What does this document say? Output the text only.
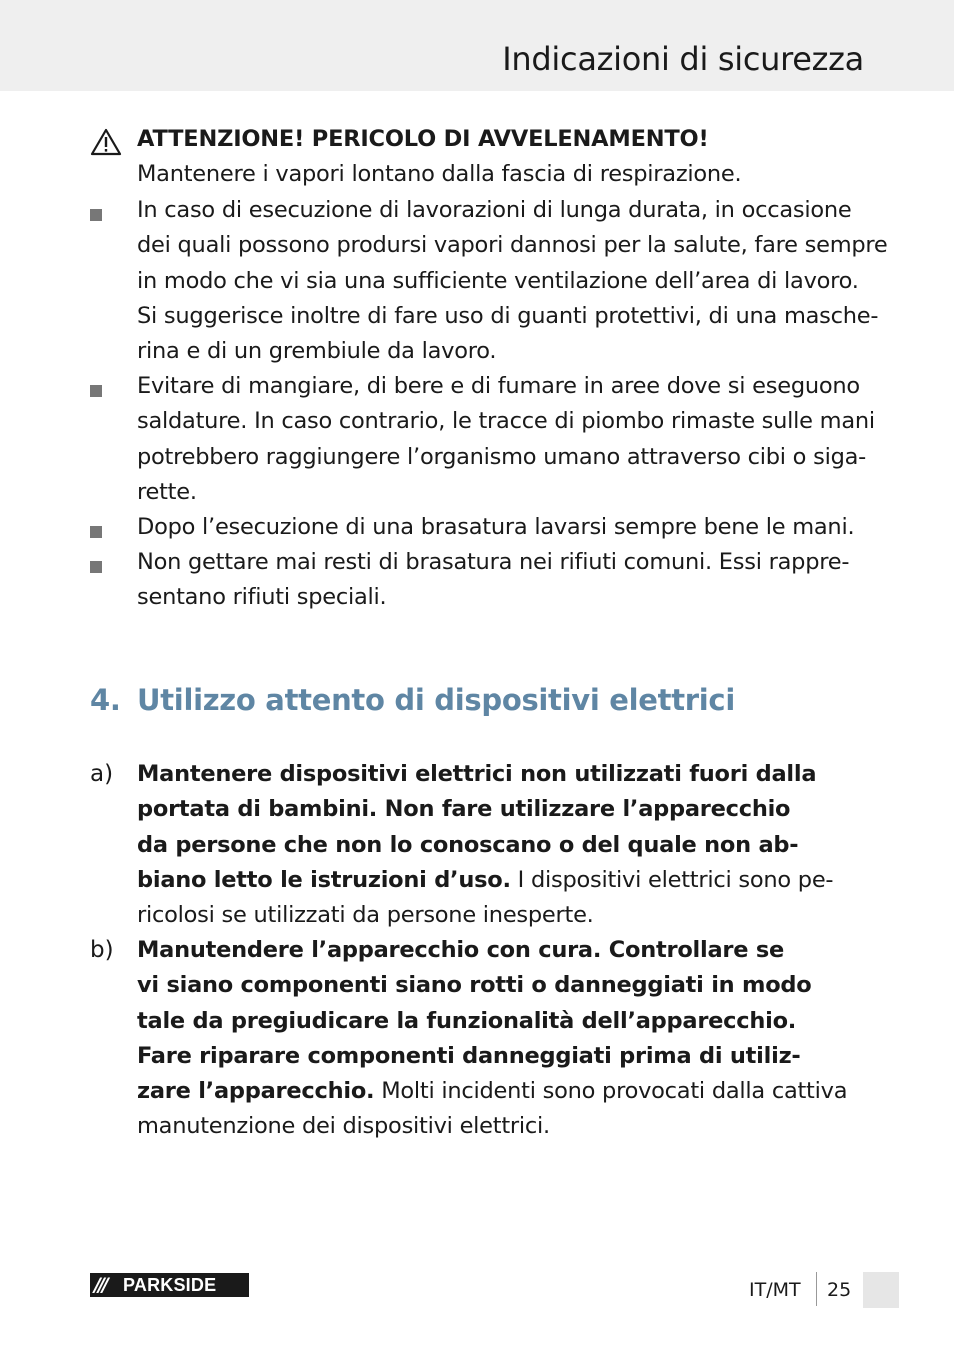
Indicazioni di sicurezza
ATTENZIONE! PERICOLO DI AVVELENAMENTO!
Mantenere i vapori lontano dalla fascia di respirazione.
In caso di esecuzione di lavorazioni di lunga durata, in occasione
dei quali possono prodursi vapori dannosi per la salute, fare sempre
in modo che vi sia una sufficiente ventilazione dell’area di lavoro.
Si suggerisce inoltre di fare uso di guanti protettivi, di una masche-
rina e di un grembiule da lavoro.
Evitare di mangiare, di bere e di fumare in aree dove si eseguono
saldature. In caso contrario, le tracce di piombo rimaste sulle mani
potrebbero raggiungere l’organismo umano attraverso cibi o siga-
rette.
Dopo l’esecuzione di una brasatura lavarsi sempre bene le mani.
Non gettare mai resti di brasatura nei rifiuti comuni. Essi rappre-
sentano rifiuti speciali.
4. Utilizzo attento di dispositivi elettrici
a) Mantenere dispositivi elettrici non utilizzati fuori dalla
portata di bambini. Non fare utilizzare l’apparecchio
da persone che non lo conoscano o del quale non ab-
biano letto le istruzioni d’uso. I dispositivi elettrici sono pe-
ricolosi se utilizzati da persone inesperte.
b) Manutendere l’apparecchio con cura. Controllare se
vi siano componenti siano rotti o danneggiati in modo
tale da pregiudicare la funzionalità dell’apparecchio.
Fare riparare componenti danneggiati prima di utiliz-
zare l’apparecchio. Molti incidenti sono provocati dalla cattiva
manutenzione dei dispositivi elettrici.
/// PARKSIDE	IT/MT 25
